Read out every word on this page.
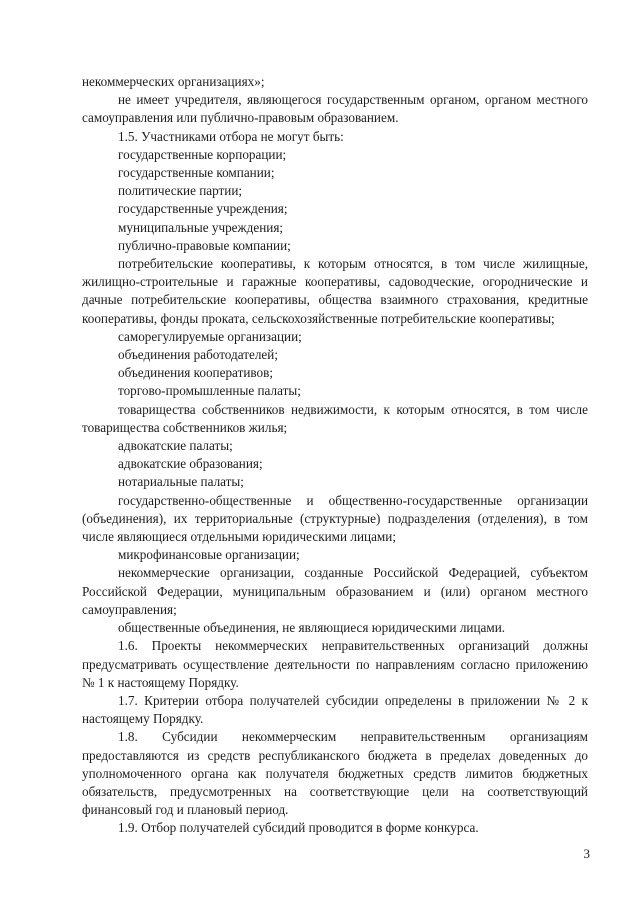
некоммерческих организациях»;

не имеет учредителя, являющегося государственным органом, органом местного самоуправления или публично-правовым образованием.

1.5. Участниками отбора не могут быть:

государственные корпорации;

государственные компании;

политические партии;

государственные учреждения;

муниципальные учреждения;

публично-правовые компании;

потребительские кооперативы, к которым относятся, в том числе жилищные, жилищно-строительные и гаражные кооперативы, садоводческие, огороднические и дачные потребительские кооперативы, общества взаимного страхования, кредитные кооперативы, фонды проката, сельскохозяйственные потребительские кооперативы;

саморегулируемые организации;

объединения работодателей;

объединения кооперативов;

торгово-промышленные палаты;

товарищества собственников недвижимости, к которым относятся, в том числе товарищества собственников жилья;

адвокатские палаты;

адвокатские образования;

нотариальные палаты;

государственно-общественные и общественно-государственные организации (объединения), их территориальные (структурные) подразделения (отделения), в том числе являющиеся отдельными юридическими лицами;

микрофинансовые организации;

некоммерческие организации, созданные Российской Федерацией, субъектом Российской Федерации, муниципальным образованием и (или) органом местного самоуправления;

общественные объединения, не являющиеся юридическими лицами.

1.6. Проекты некоммерческих неправительственных организаций должны предусматривать осуществление деятельности по направлениям согласно приложению № 1 к настоящему Порядку.

1.7. Критерии отбора получателей субсидии определены в приложении № 2 к настоящему Порядку.

1.8. Субсидии некоммерческим неправительственным организациям предоставляются из средств республиканского бюджета в пределах доведенных до уполномоченного органа как получателя бюджетных средств лимитов бюджетных обязательств, предусмотренных на соответствующие цели на соответствующий финансовый год и плановый период.

1.9. Отбор получателей субсидий проводится в форме конкурса.

3
